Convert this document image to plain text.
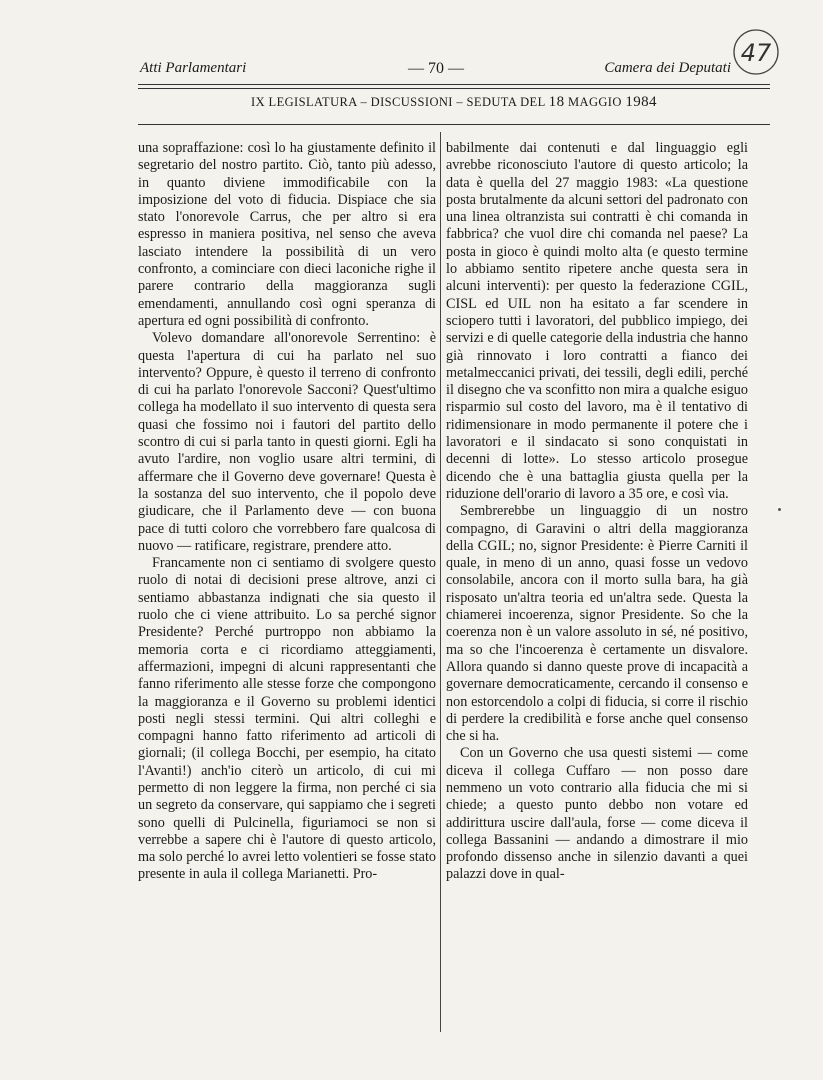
Atti Parlamentari	— 70 —	Camera dei Deputati
47
IX LEGISLATURA – DISCUSSIONI – SEDUTA DEL 18 MAGGIO 1984

una sopraffazione: così lo ha giustamente definito il segretario del nostro partito. Ciò, tanto più adesso, in quanto diviene immodificabile con la imposizione del voto di fiducia. Dispiace che sia stato l'onorevole Carrus, che per altro si era espresso in maniera positiva, nel senso che aveva lasciato intendere la possibilità di un vero confronto, a cominciare con dieci laconiche righe il parere contrario della maggioranza sugli emendamenti, annullando così ogni speranza di apertura ed ogni possibilità di confronto.

Volevo domandare all'onorevole Serrentino: è questa l'apertura di cui ha parlato nel suo intervento? Oppure, è questo il terreno di confronto di cui ha parlato l'onorevole Sacconi? Quest'ultimo collega ha modellato il suo intervento di questa sera quasi che fossimo noi i fautori del partito dello scontro di cui si parla tanto in questi giorni. Egli ha avuto l'ardire, non voglio usare altri termini, di affermare che il Governo deve governare! Questa è la sostanza del suo intervento, che il popolo deve giudicare, che il Parlamento deve — con buona pace di tutti coloro che vorrebbero fare qualcosa di nuovo — ratificare, registrare, prendere atto.

Francamente non ci sentiamo di svolgere questo ruolo di notai di decisioni prese altrove, anzi ci sentiamo abbastanza indignati che sia questo il ruolo che ci viene attribuito. Lo sa perché signor Presidente? Perché purtroppo non abbiamo la memoria corta e ci ricordiamo atteggiamenti, affermazioni, impegni di alcuni rappresentanti che fanno riferimento alle stesse forze che compongono la maggioranza e il Governo su problemi identici posti negli stessi termini. Qui altri colleghi e compagni hanno fatto riferimento ad articoli di giornali; (il collega Bocchi, per esempio, ha citato l'Avanti!) anch'io citerò un articolo, di cui mi permetto di non leggere la firma, non perché ci sia un segreto da conservare, qui sappiamo che i segreti sono quelli di Pulcinella, figuriamoci se non si verrebbe a sapere chi è l'autore di questo articolo, ma solo perché lo avrei letto volentieri se fosse stato presente in aula il collega Marianetti. Pro-

babilmente dai contenuti e dal linguaggio egli avrebbe riconosciuto l'autore di questo articolo; la data è quella del 27 maggio 1983: «La questione posta brutalmente da alcuni settori del padronato con una linea oltranzista sui contratti è chi comanda in fabbrica? che vuol dire chi comanda nel paese? La posta in gioco è quindi molto alta (e questo termine lo abbiamo sentito ripetere anche questa sera in alcuni interventi): per questo la federazione CGIL, CISL ed UIL non ha esitato a far scendere in sciopero tutti i lavoratori, del pubblico impiego, dei servizi e di quelle categorie della industria che hanno già rinnovato i loro contratti a fianco dei metalmeccanici privati, dei tessili, degli edili, perché il disegno che va sconfitto non mira a qualche esiguo risparmio sul costo del lavoro, ma è il tentativo di ridimensionare in modo permanente il potere che i lavoratori e il sindacato si sono conquistati in decenni di lotte». Lo stesso articolo prosegue dicendo che è una battaglia giusta quella per la riduzione dell'orario di lavoro a 35 ore, e così via.

Sembrerebbe un linguaggio di un nostro compagno, di Garavini o altri della maggioranza della CGIL; no, signor Presidente: è Pierre Carniti il quale, in meno di un anno, quasi fosse un vedovo consolabile, ancora con il morto sulla bara, ha già risposato un'altra teoria ed un'altra sede. Questa la chiamerei incoerenza, signor Presidente. So che la coerenza non è un valore assoluto in sé, né positivo, ma so che l'incoerenza è certamente un disvalore. Allora quando si danno queste prove di incapacità a governare democraticamente, cercando il consenso e non estorcendolo a colpi di fiducia, si corre il rischio di perdere la credibilità e forse anche quel consenso che si ha.

Con un Governo che usa questi sistemi — come diceva il collega Cuffaro — non posso dare nemmeno un voto contrario alla fiducia che mi si chiede; a questo punto debbo non votare ed addirittura uscire dall'aula, forse — come diceva il collega Bassanini — andando a dimostrare il mio profondo dissenso anche in silenzio davanti a quei palazzi dove in qual-
